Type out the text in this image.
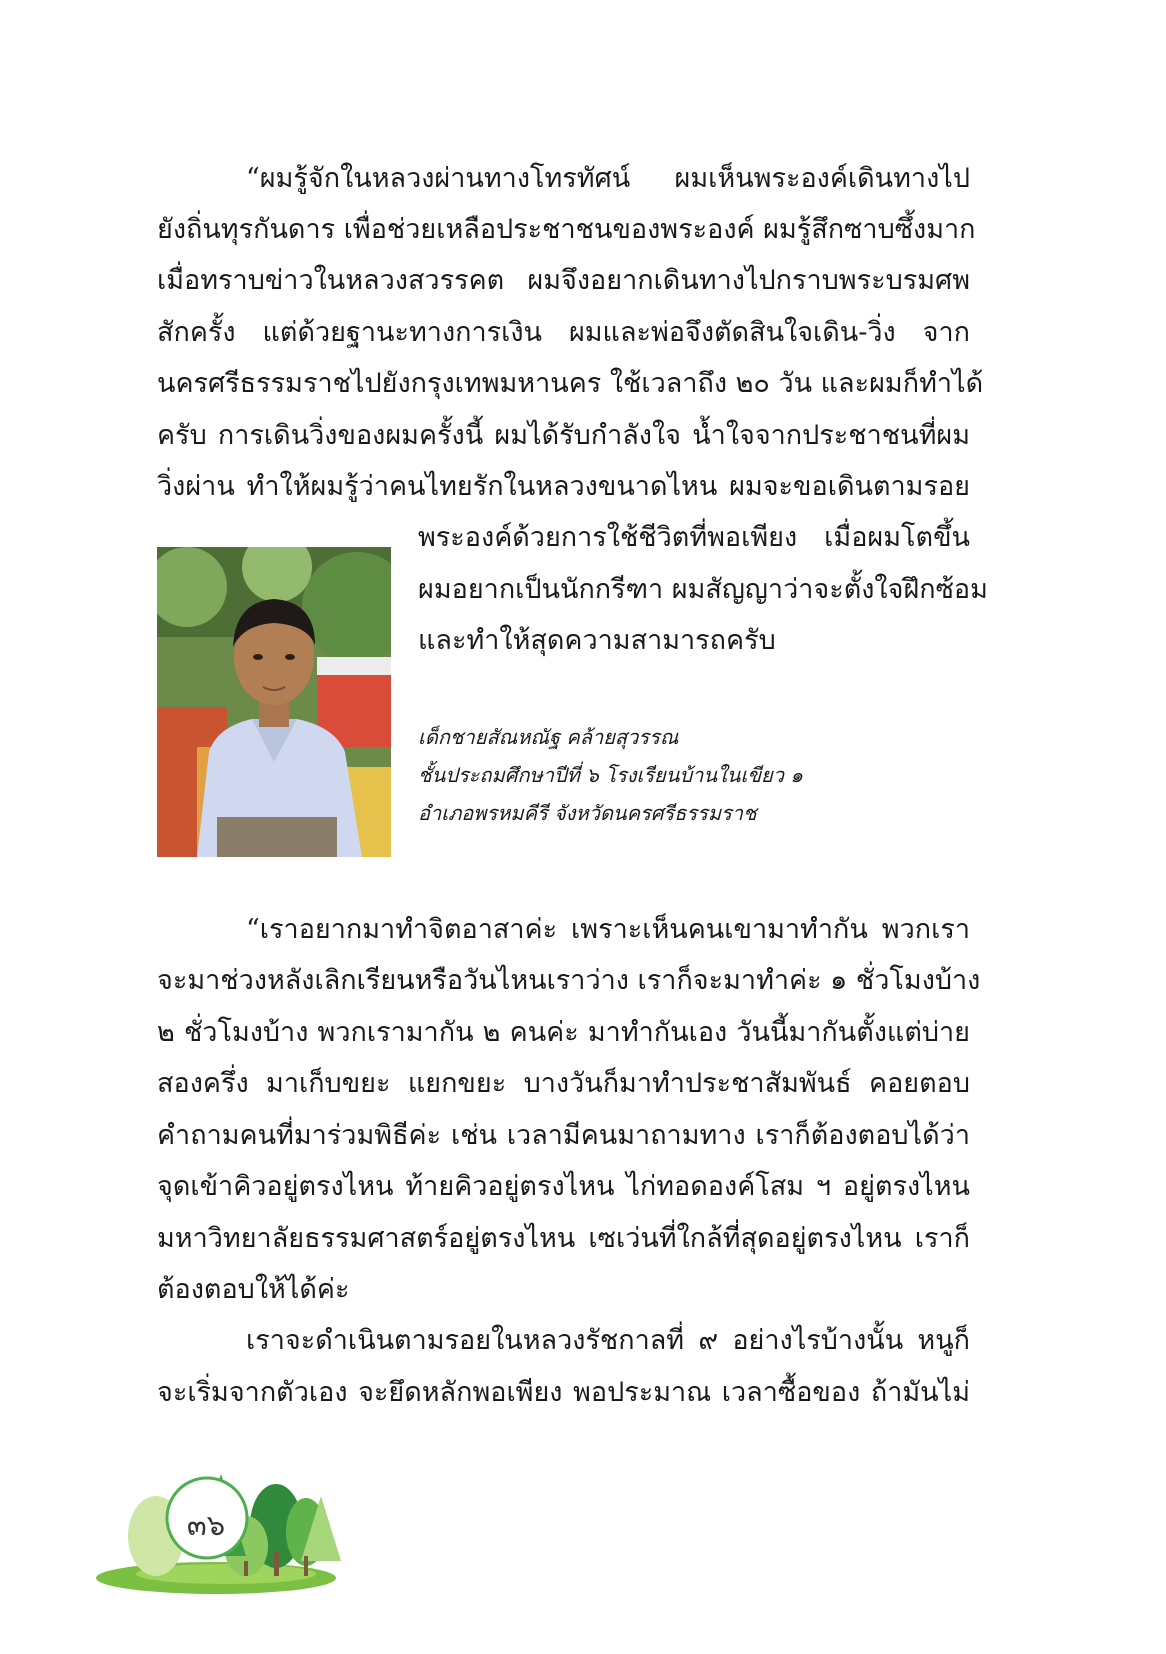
“ผมรู้จักในหลวงผ่านทางโทรทัศน์ ผมเห็นพระองค์เดินทางไป
ยังถิ่นทุรกันดาร เพื่อช่วยเหลือประชาชนของพระองค์ ผมรู้สึกซาบซึ้งมาก
เมื่อทราบข่าวในหลวงสวรรคต ผมจึงอยากเดินทางไปกราบพระบรมศพ
สักครั้ง แต่ด้วยฐานะทางการเงิน ผมและพ่อจึงตัดสินใจเดิน-วิ่ง จาก
นครศรีธรรมราชไปยังกรุงเทพมหานคร ใช้เวลาถึง ๒๐ วัน และผมก็ทำได้
ครับ การเดินวิ่งของผมครั้งนี้ ผมได้รับกำลังใจ น้ำใจจากประชาชนที่ผม
วิ่งผ่าน ทำให้ผมรู้ว่าคนไทยรักในหลวงขนาดไหน ผมจะขอเดินตามรอย
พระองค์ด้วยการใช้ชีวิตที่พอเพียง เมื่อผมโตขึ้น
ผมอยากเป็นนักกรีฑา ผมสัญญาว่าจะตั้งใจฝึกซ้อม
และทำให้สุดความสามารถครับ
เด็กชายสัณหณัฐ คล้ายสุวรรณ
ชั้นประถมศึกษาปีที่ ๖ โรงเรียนบ้านในเขียว ๑
อำเภอพรหมคีรี จังหวัดนครศรีธรรมราช
“เราอยากมาทำจิตอาสาค่ะ เพราะเห็นคนเขามาทำกัน พวกเรา
จะมาช่วงหลังเลิกเรียนหรือวันไหนเราว่าง เราก็จะมาทำค่ะ ๑ ชั่วโมงบ้าง
๒ ชั่วโมงบ้าง พวกเรามากัน ๒ คนค่ะ มาทำกันเอง วันนี้มากันตั้งแต่บ่าย
สองครึ่ง มาเก็บขยะ แยกขยะ บางวันก็มาทำประชาสัมพันธ์ คอยตอบ
คำถามคนที่มาร่วมพิธีค่ะ เช่น เวลามีคนมาถามทาง เราก็ต้องตอบได้ว่า
จุดเข้าคิวอยู่ตรงไหน ท้ายคิวอยู่ตรงไหน ไก่ทอดองค์โสม ฯ อยู่ตรงไหน
มหาวิทยาลัยธรรมศาสตร์อยู่ตรงไหน เซเว่นที่ใกล้ที่สุดอยู่ตรงไหน เราก็
ต้องตอบให้ได้ค่ะ
เราจะดำเนินตามรอยในหลวงรัชกาลที่ ๙ อย่างไรบ้างนั้น หนูก็
จะเริ่มจากตัวเอง จะยึดหลักพอเพียง พอประมาณ เวลาซื้อของ ถ้ามันไม่
๓๖
